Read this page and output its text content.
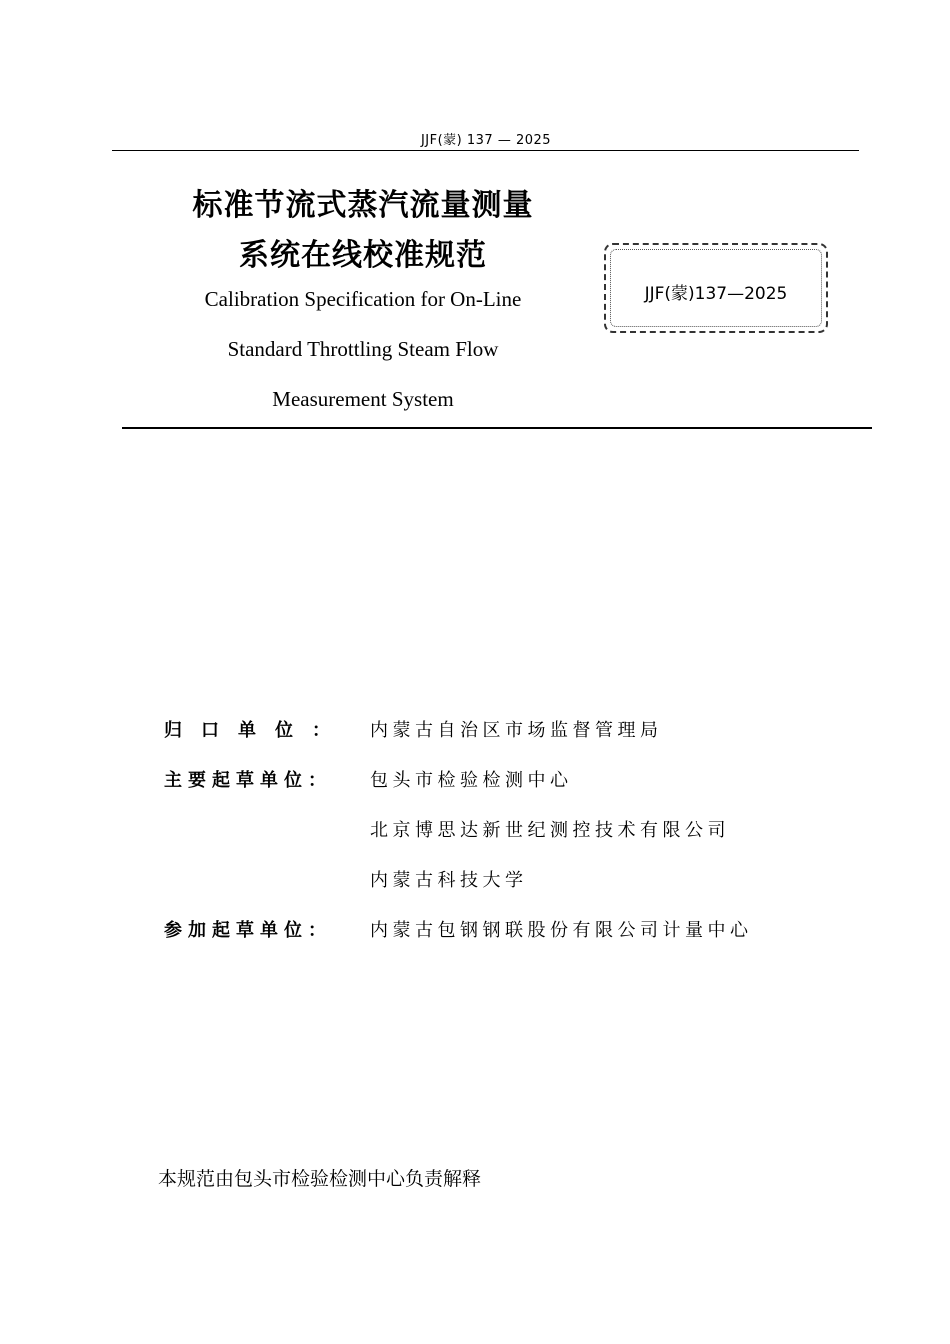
JJF(蒙) 137 — 2025
标准节流式蒸汽流量测量
系统在线校准规范
Calibration Specification for On-Line
Standard Throttling Steam Flow
Measurement System
JJF(蒙)137—2025
归口单位： 内蒙古自治区市场监督管理局
主要起草单位： 包头市检验检测中心
北京博思达新世纪测控技术有限公司
内蒙古科技大学
参加起草单位： 内蒙古包钢钢联股份有限公司计量中心
本规范由包头市检验检测中心负责解释
